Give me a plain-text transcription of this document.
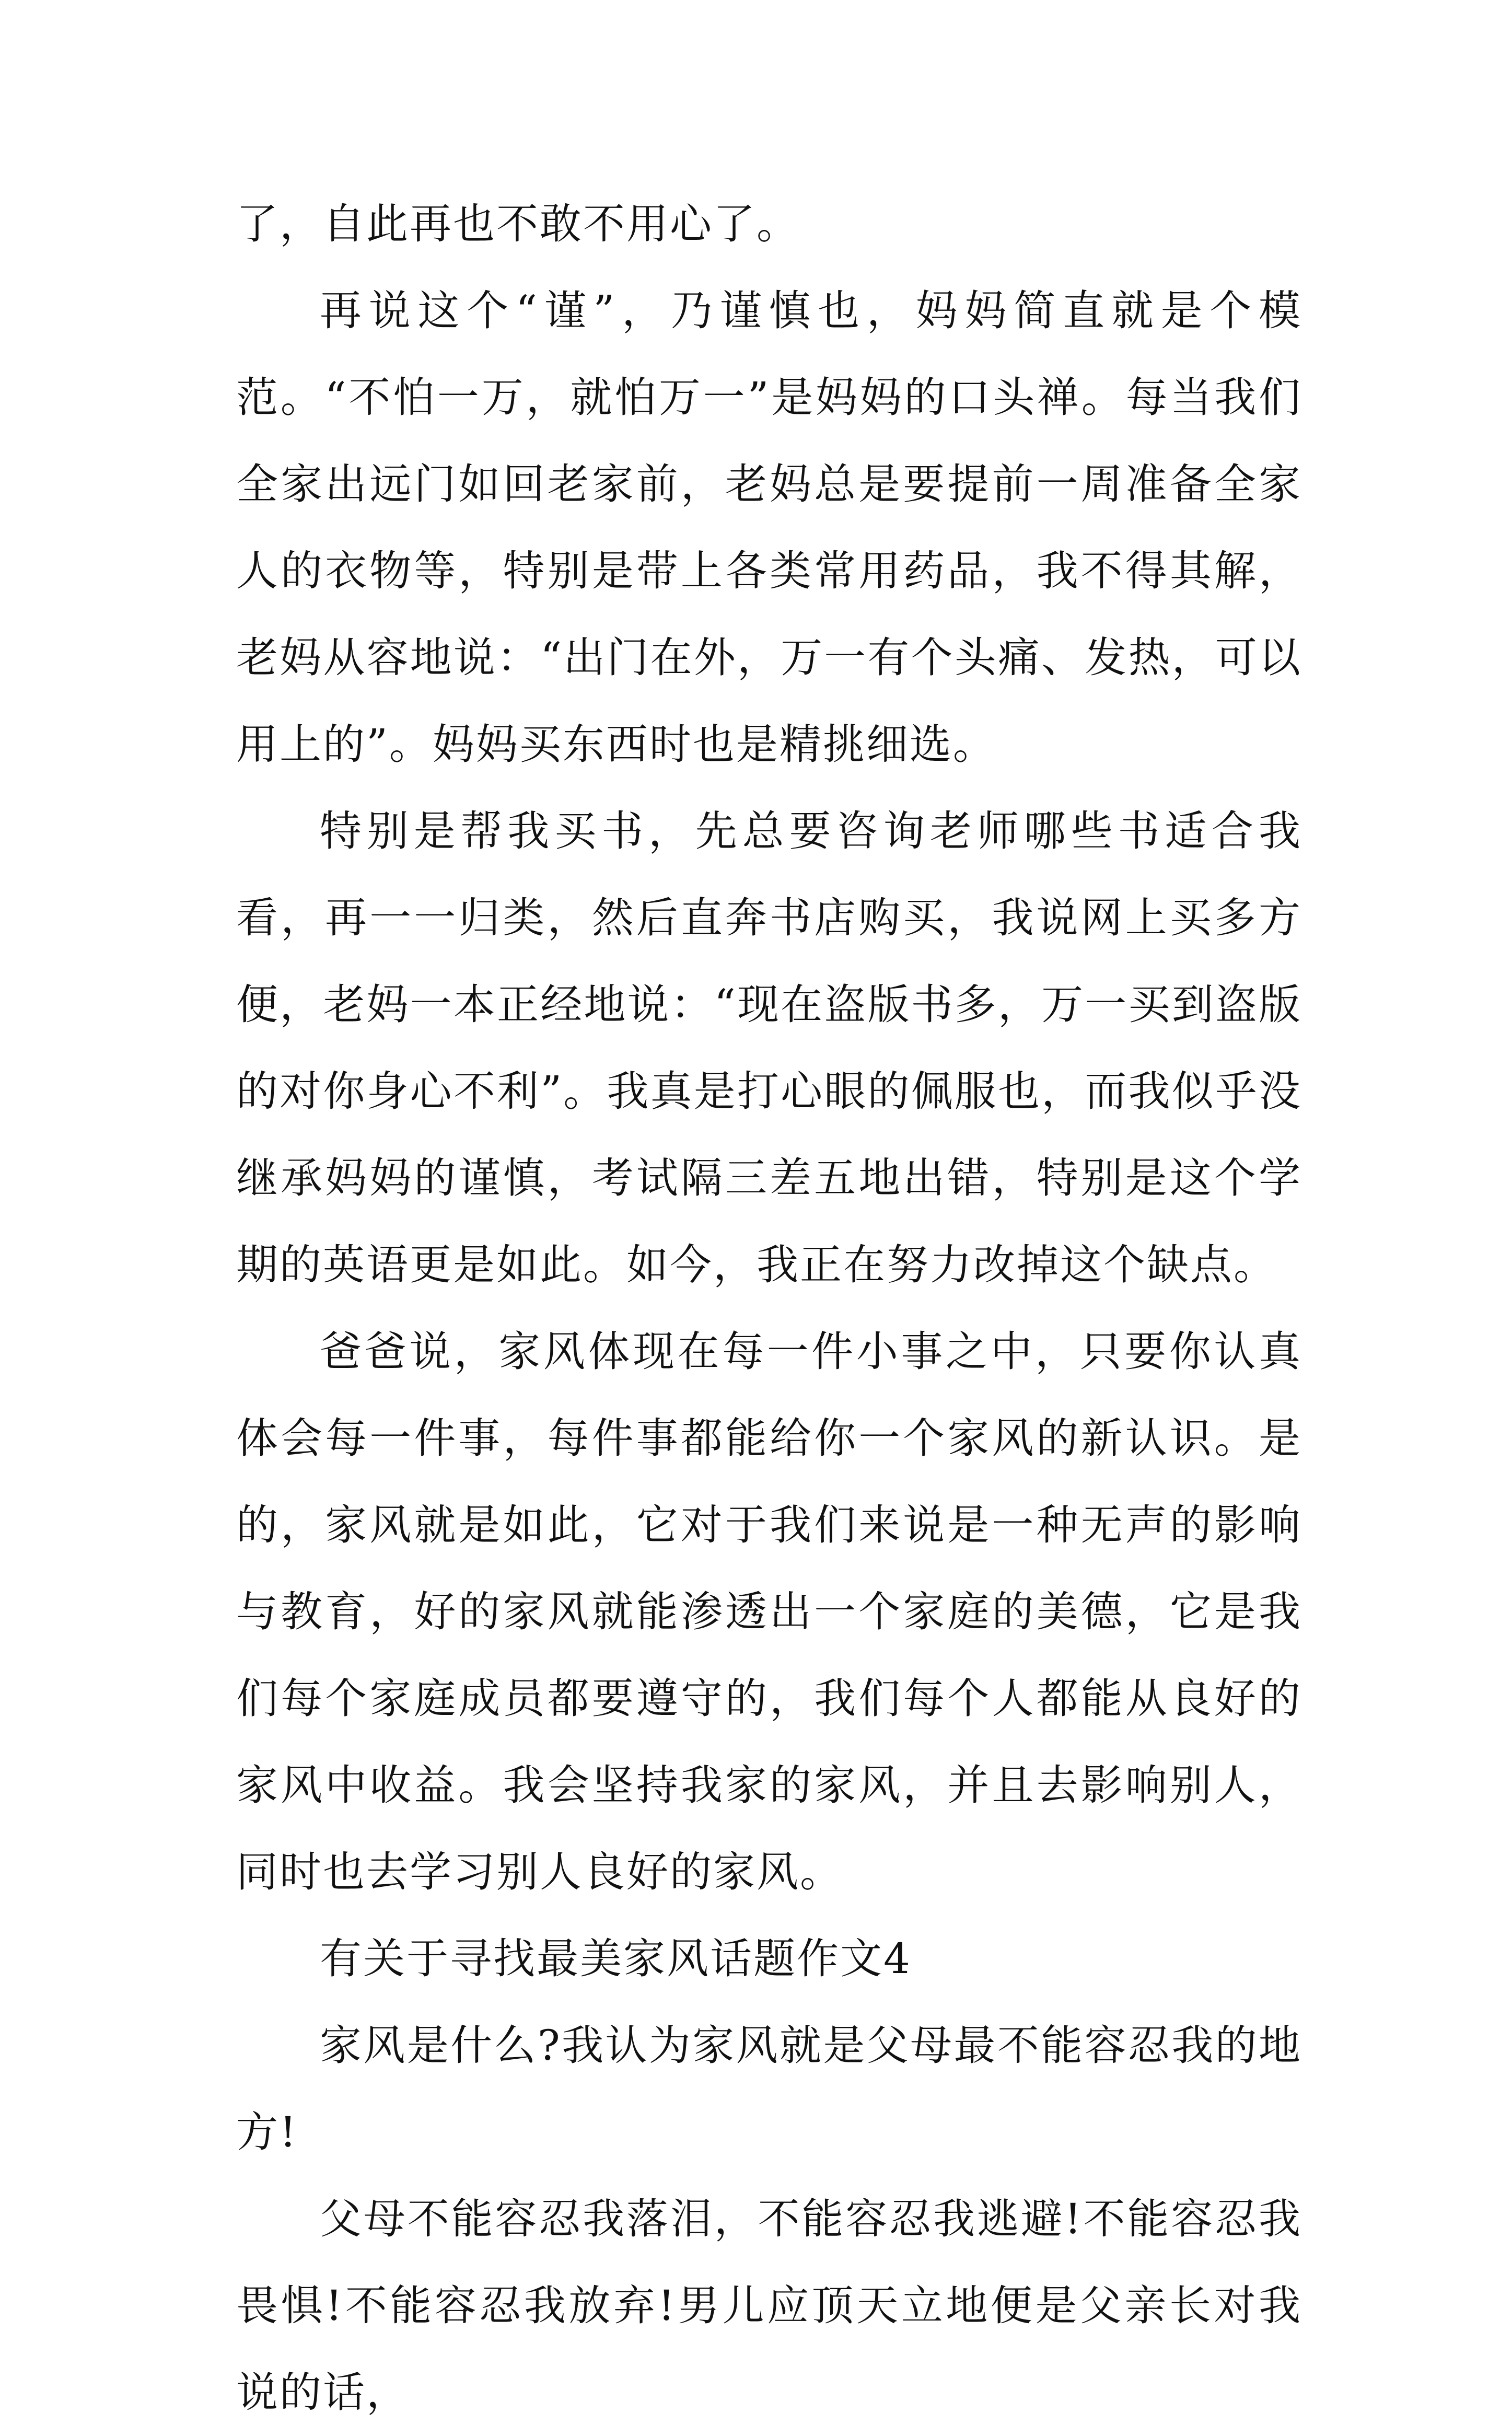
了，自此再也不敢不用心了。

再说这个“谨”，乃谨慎也，妈妈简直就是个模范。“不怕一万，就怕万一”是妈妈的口头禅。每当我们全家出远门如回老家前，老妈总是要提前一周准备全家人的衣物等，特别是带上各类常用药品，我不得其解，老妈从容地说：“出门在外，万一有个头痛、发热，可以用上的”。妈妈买东西时也是精挑细选。

特别是帮我买书，先总要咨询老师哪些书适合我看，再一一归类，然后直奔书店购买，我说网上买多方便，老妈一本正经地说：“现在盗版书多，万一买到盗版的对你身心不利”。我真是打心眼的佩服也，而我似乎没继承妈妈的谨慎，考试隔三差五地出错，特别是这个学期的英语更是如此。如今，我正在努力改掉这个缺点。

爸爸说，家风体现在每一件小事之中，只要你认真体会每一件事，每件事都能给你一个家风的新认识。是的，家风就是如此，它对于我们来说是一种无声的影响与教育，好的家风就能渗透出一个家庭的美德，它是我们每个家庭成员都要遵守的，我们每个人都能从良好的家风中收益。我会坚持我家的家风，并且去影响别人，同时也去学习别人良好的家风。

有关于寻找最美家风话题作文4

家风是什么?我认为家风就是父母最不能容忍我的地方!

父母不能容忍我落泪，不能容忍我逃避!不能容忍我畏惧!不能容忍我放弃!男儿应顶天立地便是父亲长对我说的话，
